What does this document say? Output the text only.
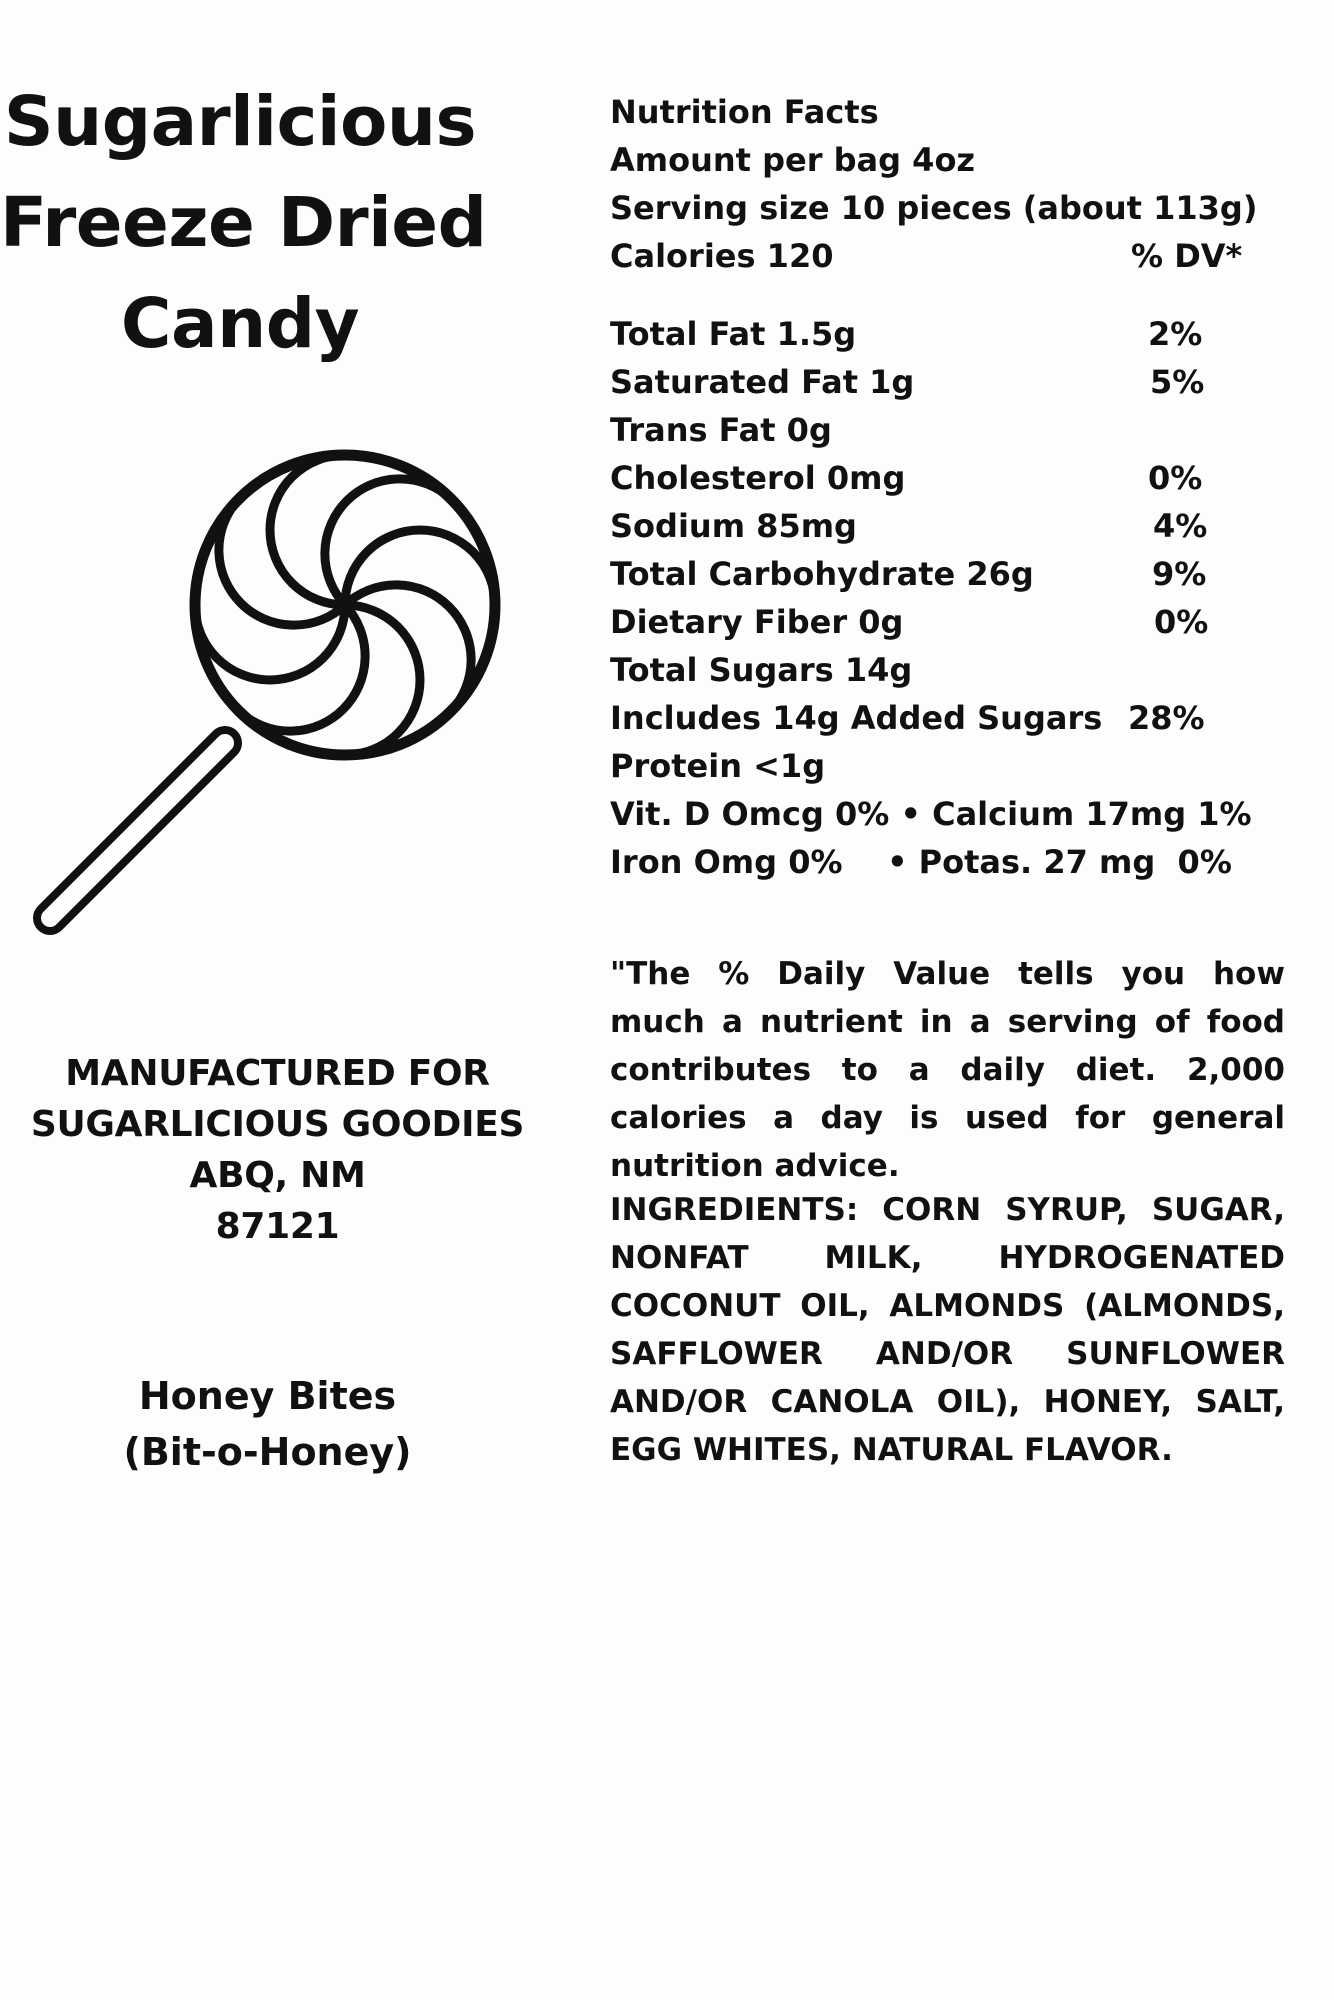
Sugarlicious
Freeze Dried
Candy
MANUFACTURED FOR
SUGARLICIOUS GOODIES
ABQ, NM
87121
Honey Bites
(Bit-o-Honey)
Nutrition Facts
Amount per bag 4oz
Serving size 10 pieces (about 113g)
Calories 120	% DV*
Total Fat 1.5g	2%
Saturated Fat 1g	5%
Trans Fat 0g
Cholesterol 0mg	0%
Sodium 85mg	4%
Total Carbohydrate 26g	9%
Dietary Fiber 0g	0%
Total Sugars 14g
Includes 14g Added Sugars 28%
Protein <1g
Vit. D Omcg 0% • Calcium 17mg 1%
Iron Omg 0%    • Potas. 27 mg  0%
"The % Daily Value tells you how much a nutrient in a serving of food contributes to a daily diet. 2,000 calories a day is used for general nutrition advice.
INGREDIENTS: CORN SYRUP, SUGAR, NONFAT MILK, HYDROGENATED COCONUT OIL, ALMONDS (ALMONDS, SAFFLOWER AND/OR SUNFLOWER AND/OR CANOLA OIL), HONEY, SALT, EGG WHITES, NATURAL FLAVOR.
